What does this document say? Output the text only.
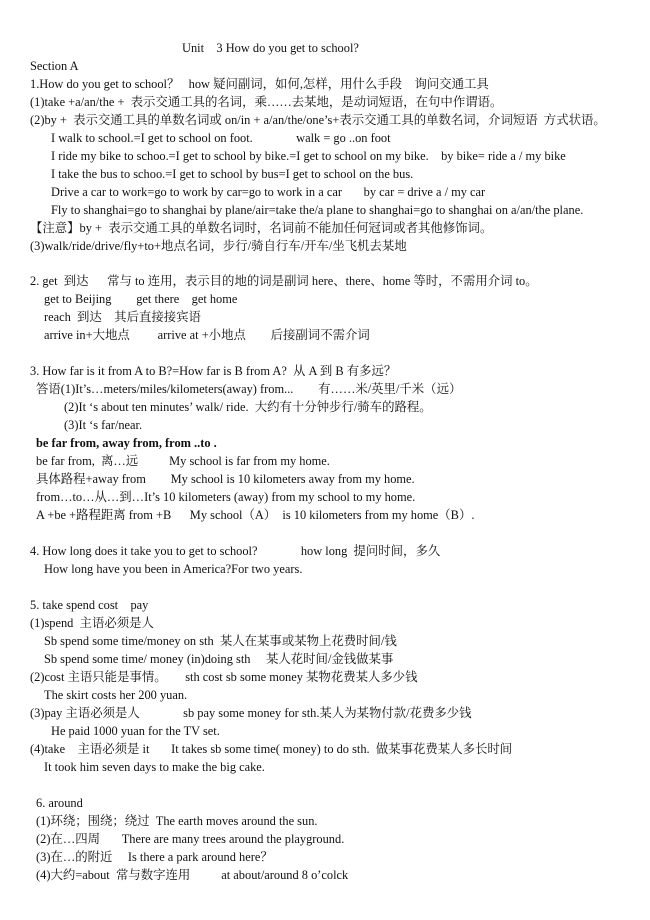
Unit    3 How do you get to school?
Section A
1.How do you get to school？   how 疑问副词，如何,怎样，用什么手段    询问交通工具
(1)take +a/an/the +  表示交通工具的名词，乘……去某地，是动词短语，在句中作谓语。
(2)by +  表示交通工具的单数名词或 on/in + a/an/the/one’s+表示交通工具的单数名词，介词短语  方式状语。
I walk to school.=I get to school on foot.              walk = go ..on foot
I ride my bike to schoo.=I get to school by bike.=I get to school on my bike.    by bike= ride a / my bike
I take the bus to schoo.=I get to school by bus=I get to school on the bus.
Drive a car to work=go to work by car=go to work in a car       by car = drive a / my car
Fly to shanghai=go to shanghai by plane/air=take the/a plane to shanghai=go to shanghai on a/an/the plane.
【注意】by +  表示交通工具的单数名词时，名词前不能加任何冠词或者其他修饰词。
(3)walk/ride/drive/fly+to+地点名词，步行/骑自行车/开车/坐飞机去某地
2. get  到达      常与 to 连用，表示目的地的词是副词 here、there、home 等时，不需用介词 to。
get to Beijing        get there    get home
reach  到达    其后直接接宾语
arrive in+大地点         arrive at +小地点        后接副词不需介词
3. How far is it from A to B?=How far is B from A?  从 A 到 B 有多远？
答语(1)It’s…meters/miles/kilometers(away) from...        有……米/英里/千米（远）
(2)It ‘s about ten minutes’ walk/ ride.  大约有十分钟步行/骑车的路程。
(3)It ‘s far/near.
be far from, away from, from ..to .
be far from,  离…远          My school is far from my home.
具体路程+away from        My school is 10 kilometers away from my home.
from…to…从…到…It’s 10 kilometers (away) from my school to my home.
A +be +路程距离 from +B      My school（A）  is 10 kilometers from my home（B）.
4. How long does it take you to get to school?              how long  提问时间，多久
How long have you been in America?For two years.
5. take spend cost    pay
(1)spend  主语必须是人
Sb spend some time/money on sth  某人在某事或某物上花费时间/钱
Sb spend some time/ money (in)doing sth     某人花时间/金钱做某事
(2)cost 主语只能是事情。      sth cost sb some money 某物花费某人多少钱
The skirt costs her 200 yuan.
(3)pay 主语必须是人              sb pay some money for sth.某人为某物付款/花费多少钱
He paid 1000 yuan for the TV set.
(4)take    主语必须是 it       It takes sb some time( money) to do sth.  做某事花费某人多长时间
It took him seven days to make the big cake.
6. around
(1)环绕；围绕；绕过  The earth moves around the sun.
(2)在…四周       There are many trees around the playground.
(3)在…的附近     Is there a park around here？
(4)大约=about  常与数字连用          at about/around 8 o’colck
